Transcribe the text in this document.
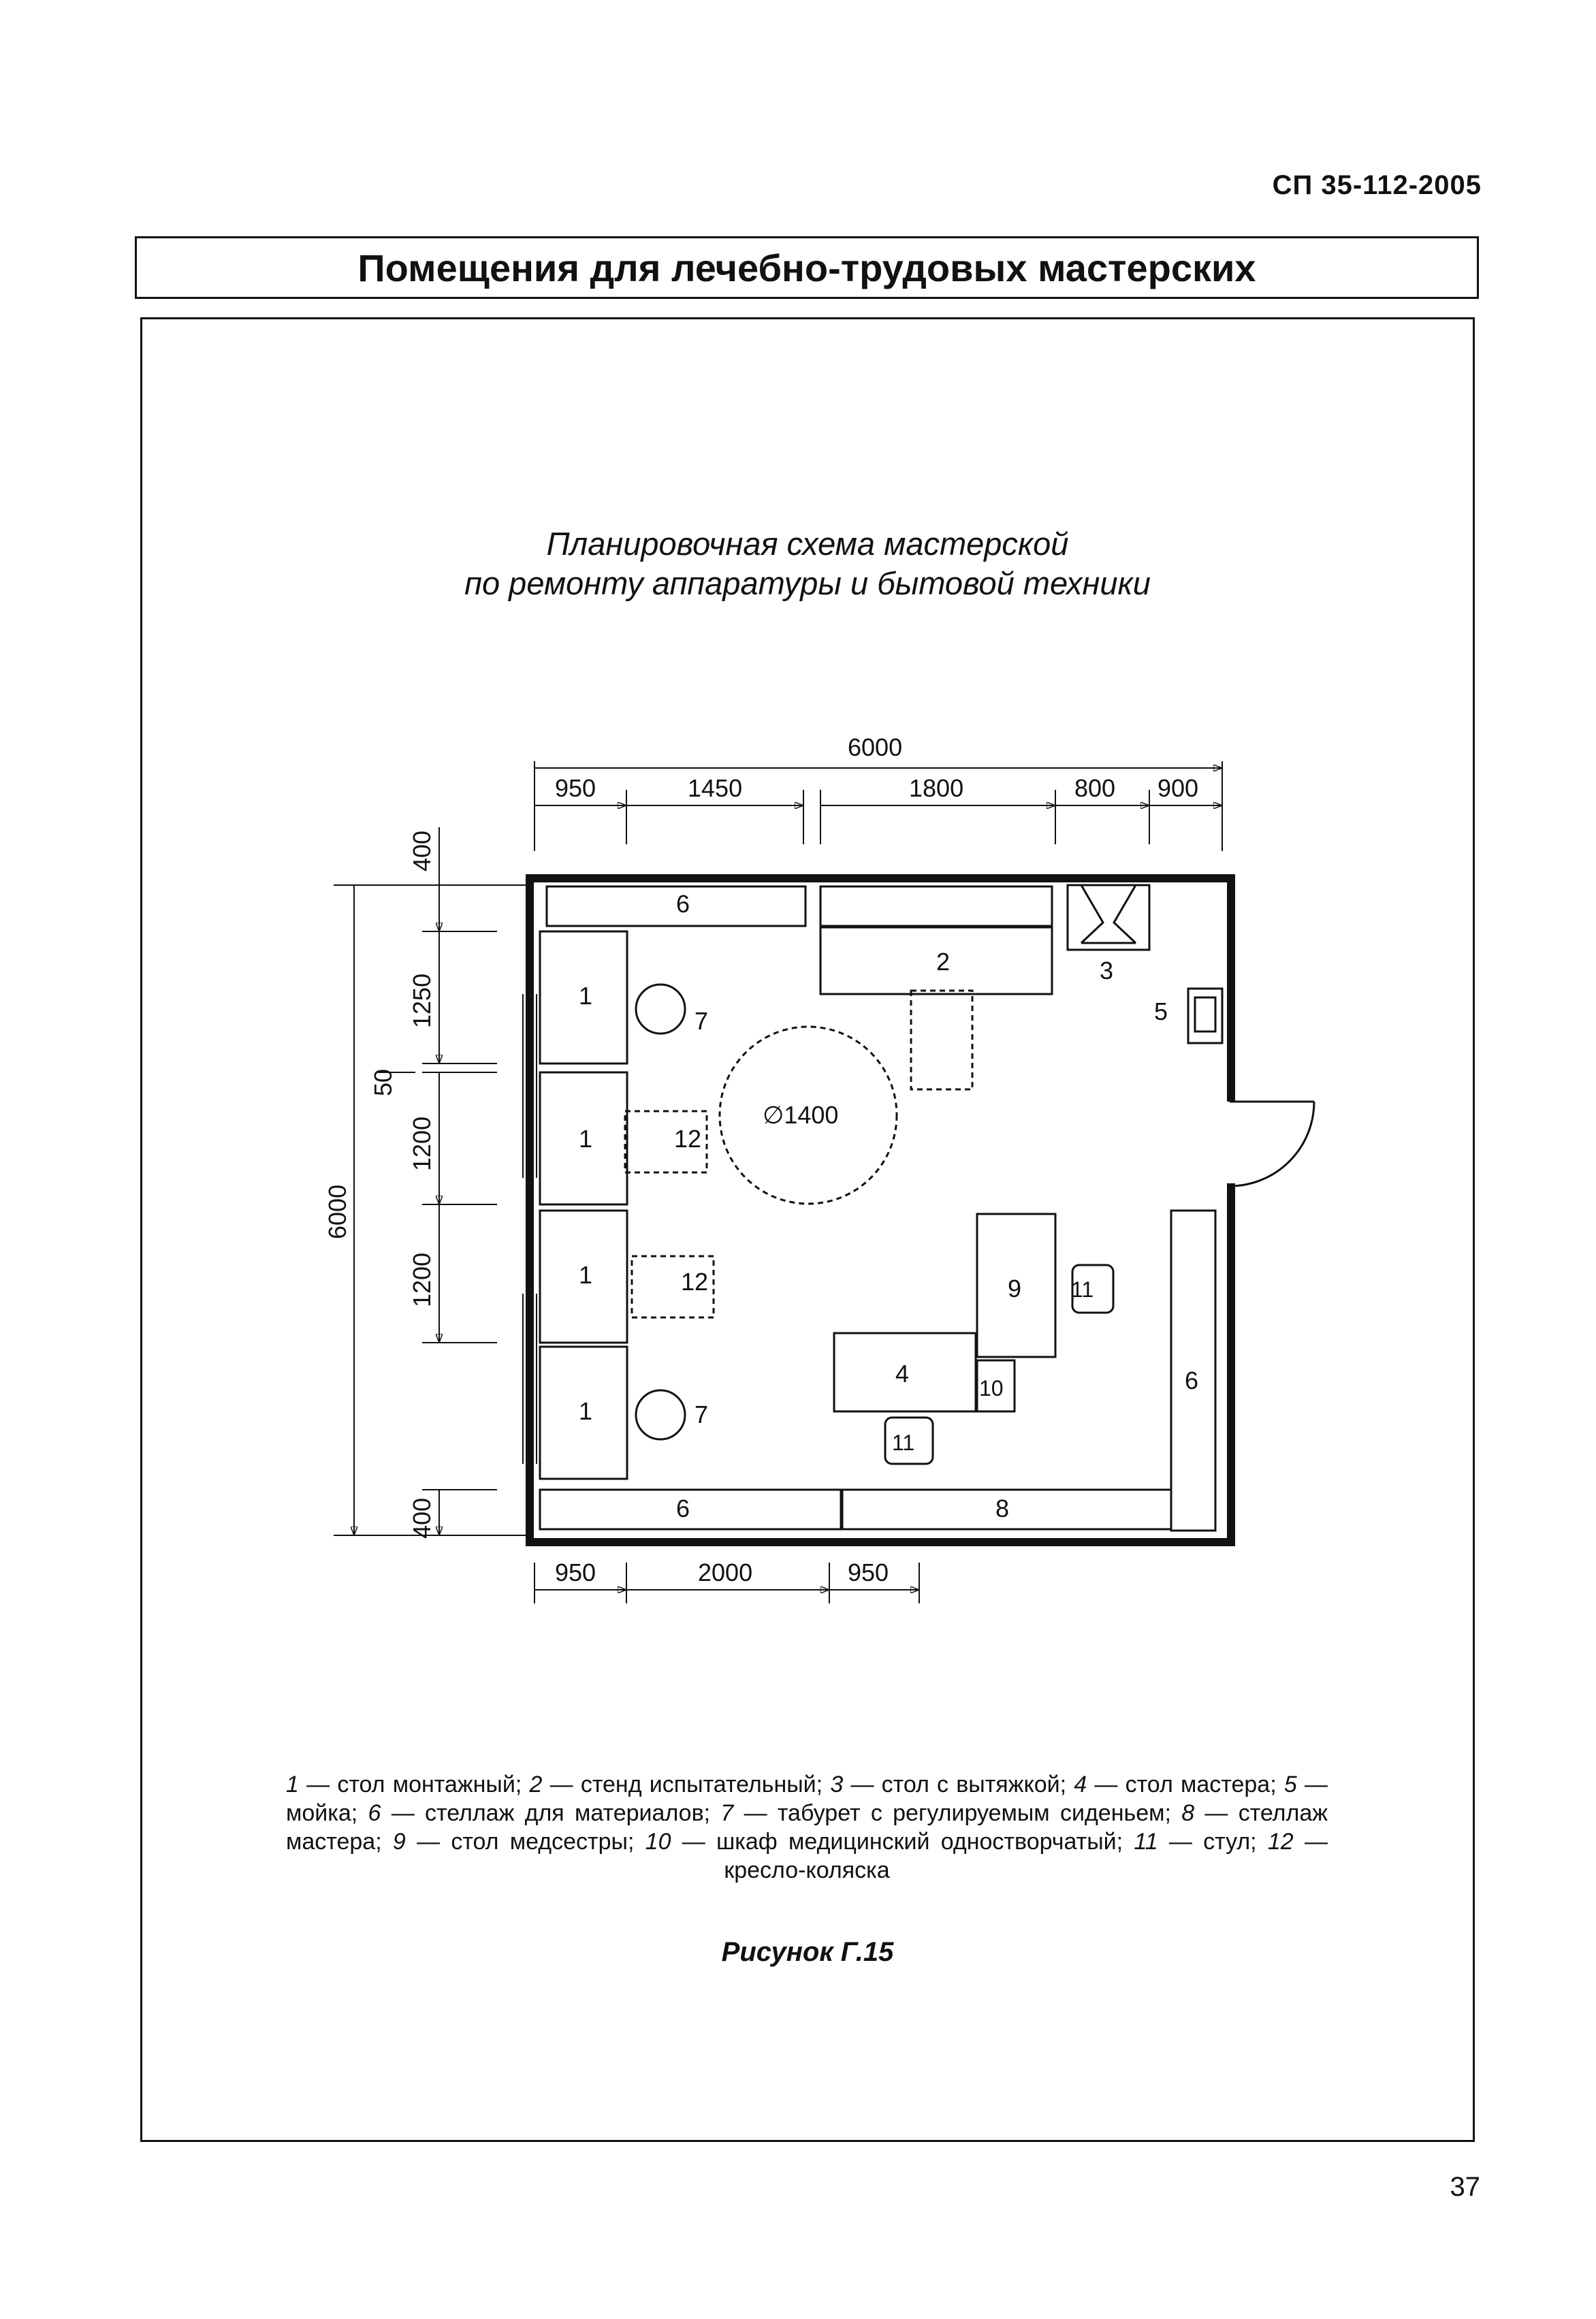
СП 35-112-2005
Помещения для лечебно-трудовых мастерских
Планировочная схема мастерской
по ремонту аппаратуры и бытовой техники
6
2	3
5
1
1
1
1
7
7
12
12
∅1400
9
4
10
11
11
6
6	8
6000
950	1450	1800	800 900
6000
400
1250
50
1200
1200
400
950	2000	950
1 — стол монтажный; 2 — стенд испытательный; 3 — стол с вытяжкой; 4 — стол мастера; 5 — мойка; 6 — стеллаж для материалов; 7 — табурет с регулируемым сиденьем; 8 — стеллаж мастера; 9 — стол медсестры; 10 — шкаф медицинский одностворчатый; 11 — стул; 12 — кресло-коляска
Рисунок Г.15
37
